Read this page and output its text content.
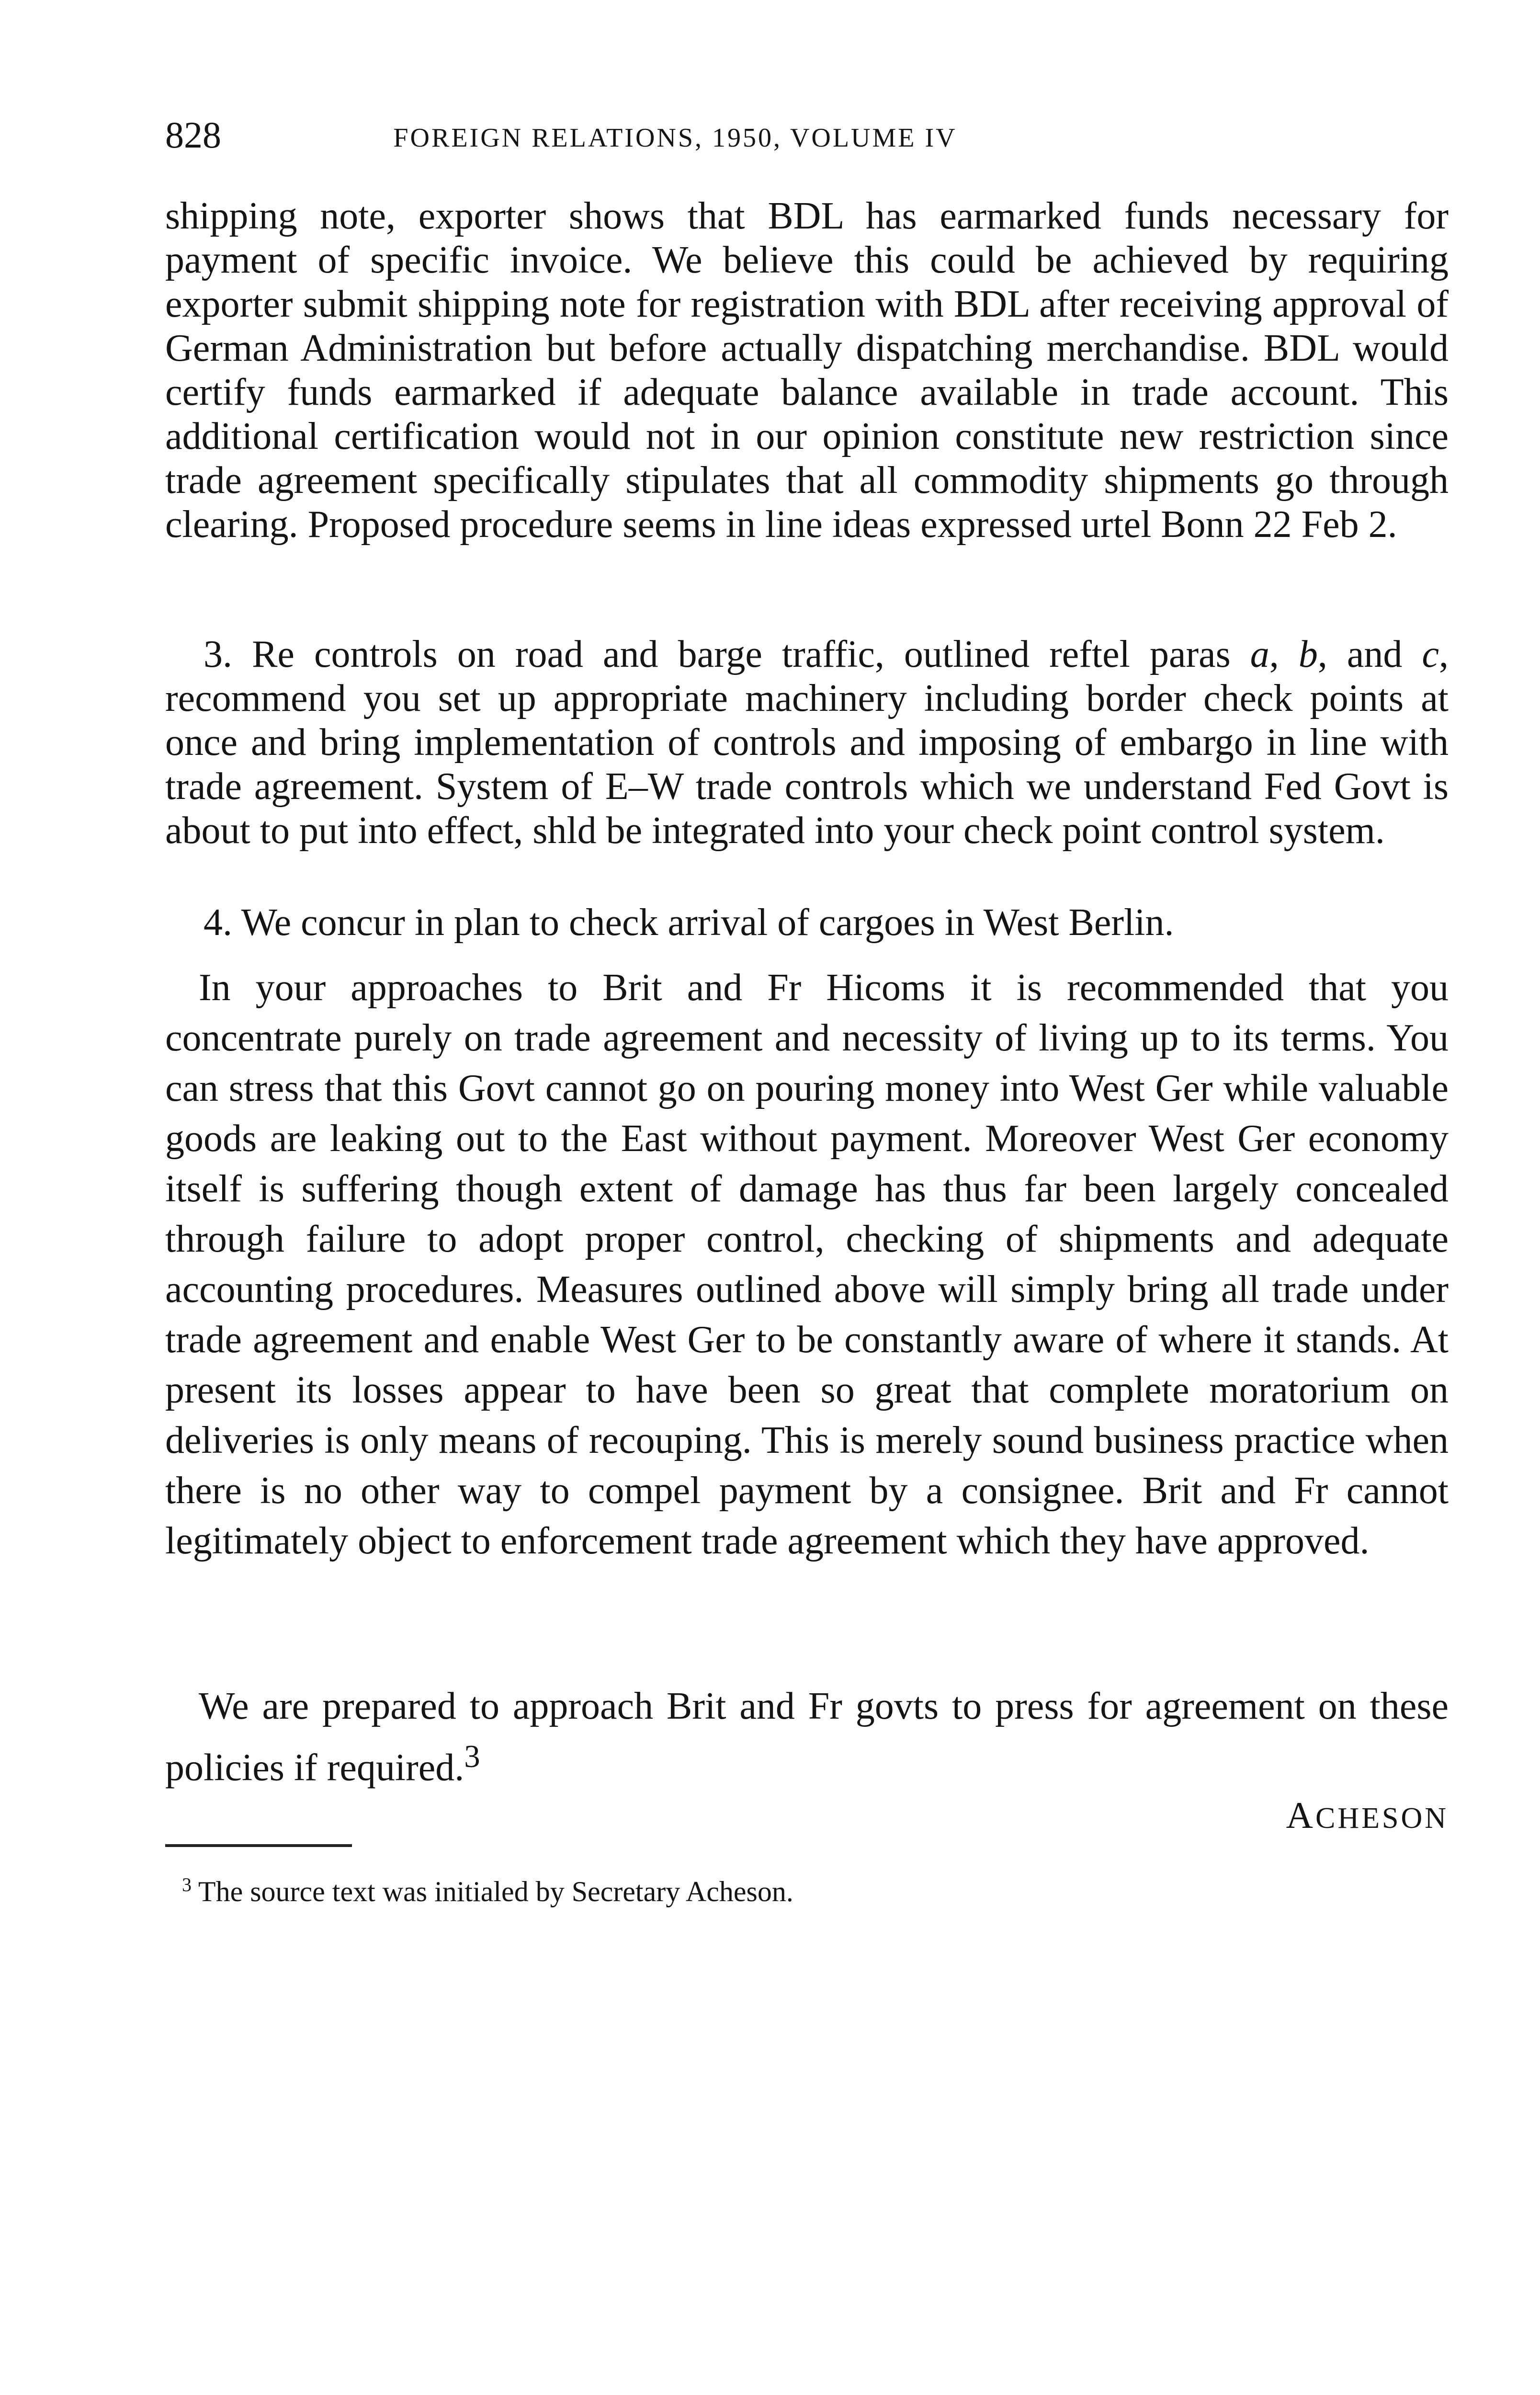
828	FOREIGN RELATIONS, 1950, VOLUME IV

shipping note, exporter shows that BDL has earmarked funds necessary for payment of specific invoice. We believe this could be achieved by requiring exporter submit shipping note for registration with BDL after receiving approval of German Administration but before actually dispatching merchandise. BDL would certify funds earmarked if adequate balance available in trade account. This additional certification would not in our opinion constitute new restriction since trade agreement specifically stipulates that all commodity shipments go through clearing. Proposed procedure seems in line ideas expressed urtel Bonn 22 Feb 2.

3. Re controls on road and barge traffic, outlined reftel paras a, b, and c, recommend you set up appropriate machinery including border check points at once and bring implementation of controls and imposing of embargo in line with trade agreement. System of E–W trade controls which we understand Fed Govt is about to put into effect, shld be integrated into your check point control system.

4. We concur in plan to check arrival of cargoes in West Berlin.

In your approaches to Brit and Fr Hicoms it is recommended that you concentrate purely on trade agreement and necessity of living up to its terms. You can stress that this Govt cannot go on pouring money into West Ger while valuable goods are leaking out to the East without payment. Moreover West Ger economy itself is suffering though extent of damage has thus far been largely concealed through failure to adopt proper control, checking of shipments and adequate accounting procedures. Measures outlined above will simply bring all trade under trade agreement and enable West Ger to be constantly aware of where it stands. At present its losses appear to have been so great that complete moratorium on deliveries is only means of recouping. This is merely sound business practice when there is no other way to compel payment by a consignee. Brit and Fr cannot legitimately object to enforcement trade agreement which they have approved.

We are prepared to approach Brit and Fr govts to press for agreement on these policies if required.$^3$

ACHESON
$^3$ The source text was initialed by Secretary Acheson.
